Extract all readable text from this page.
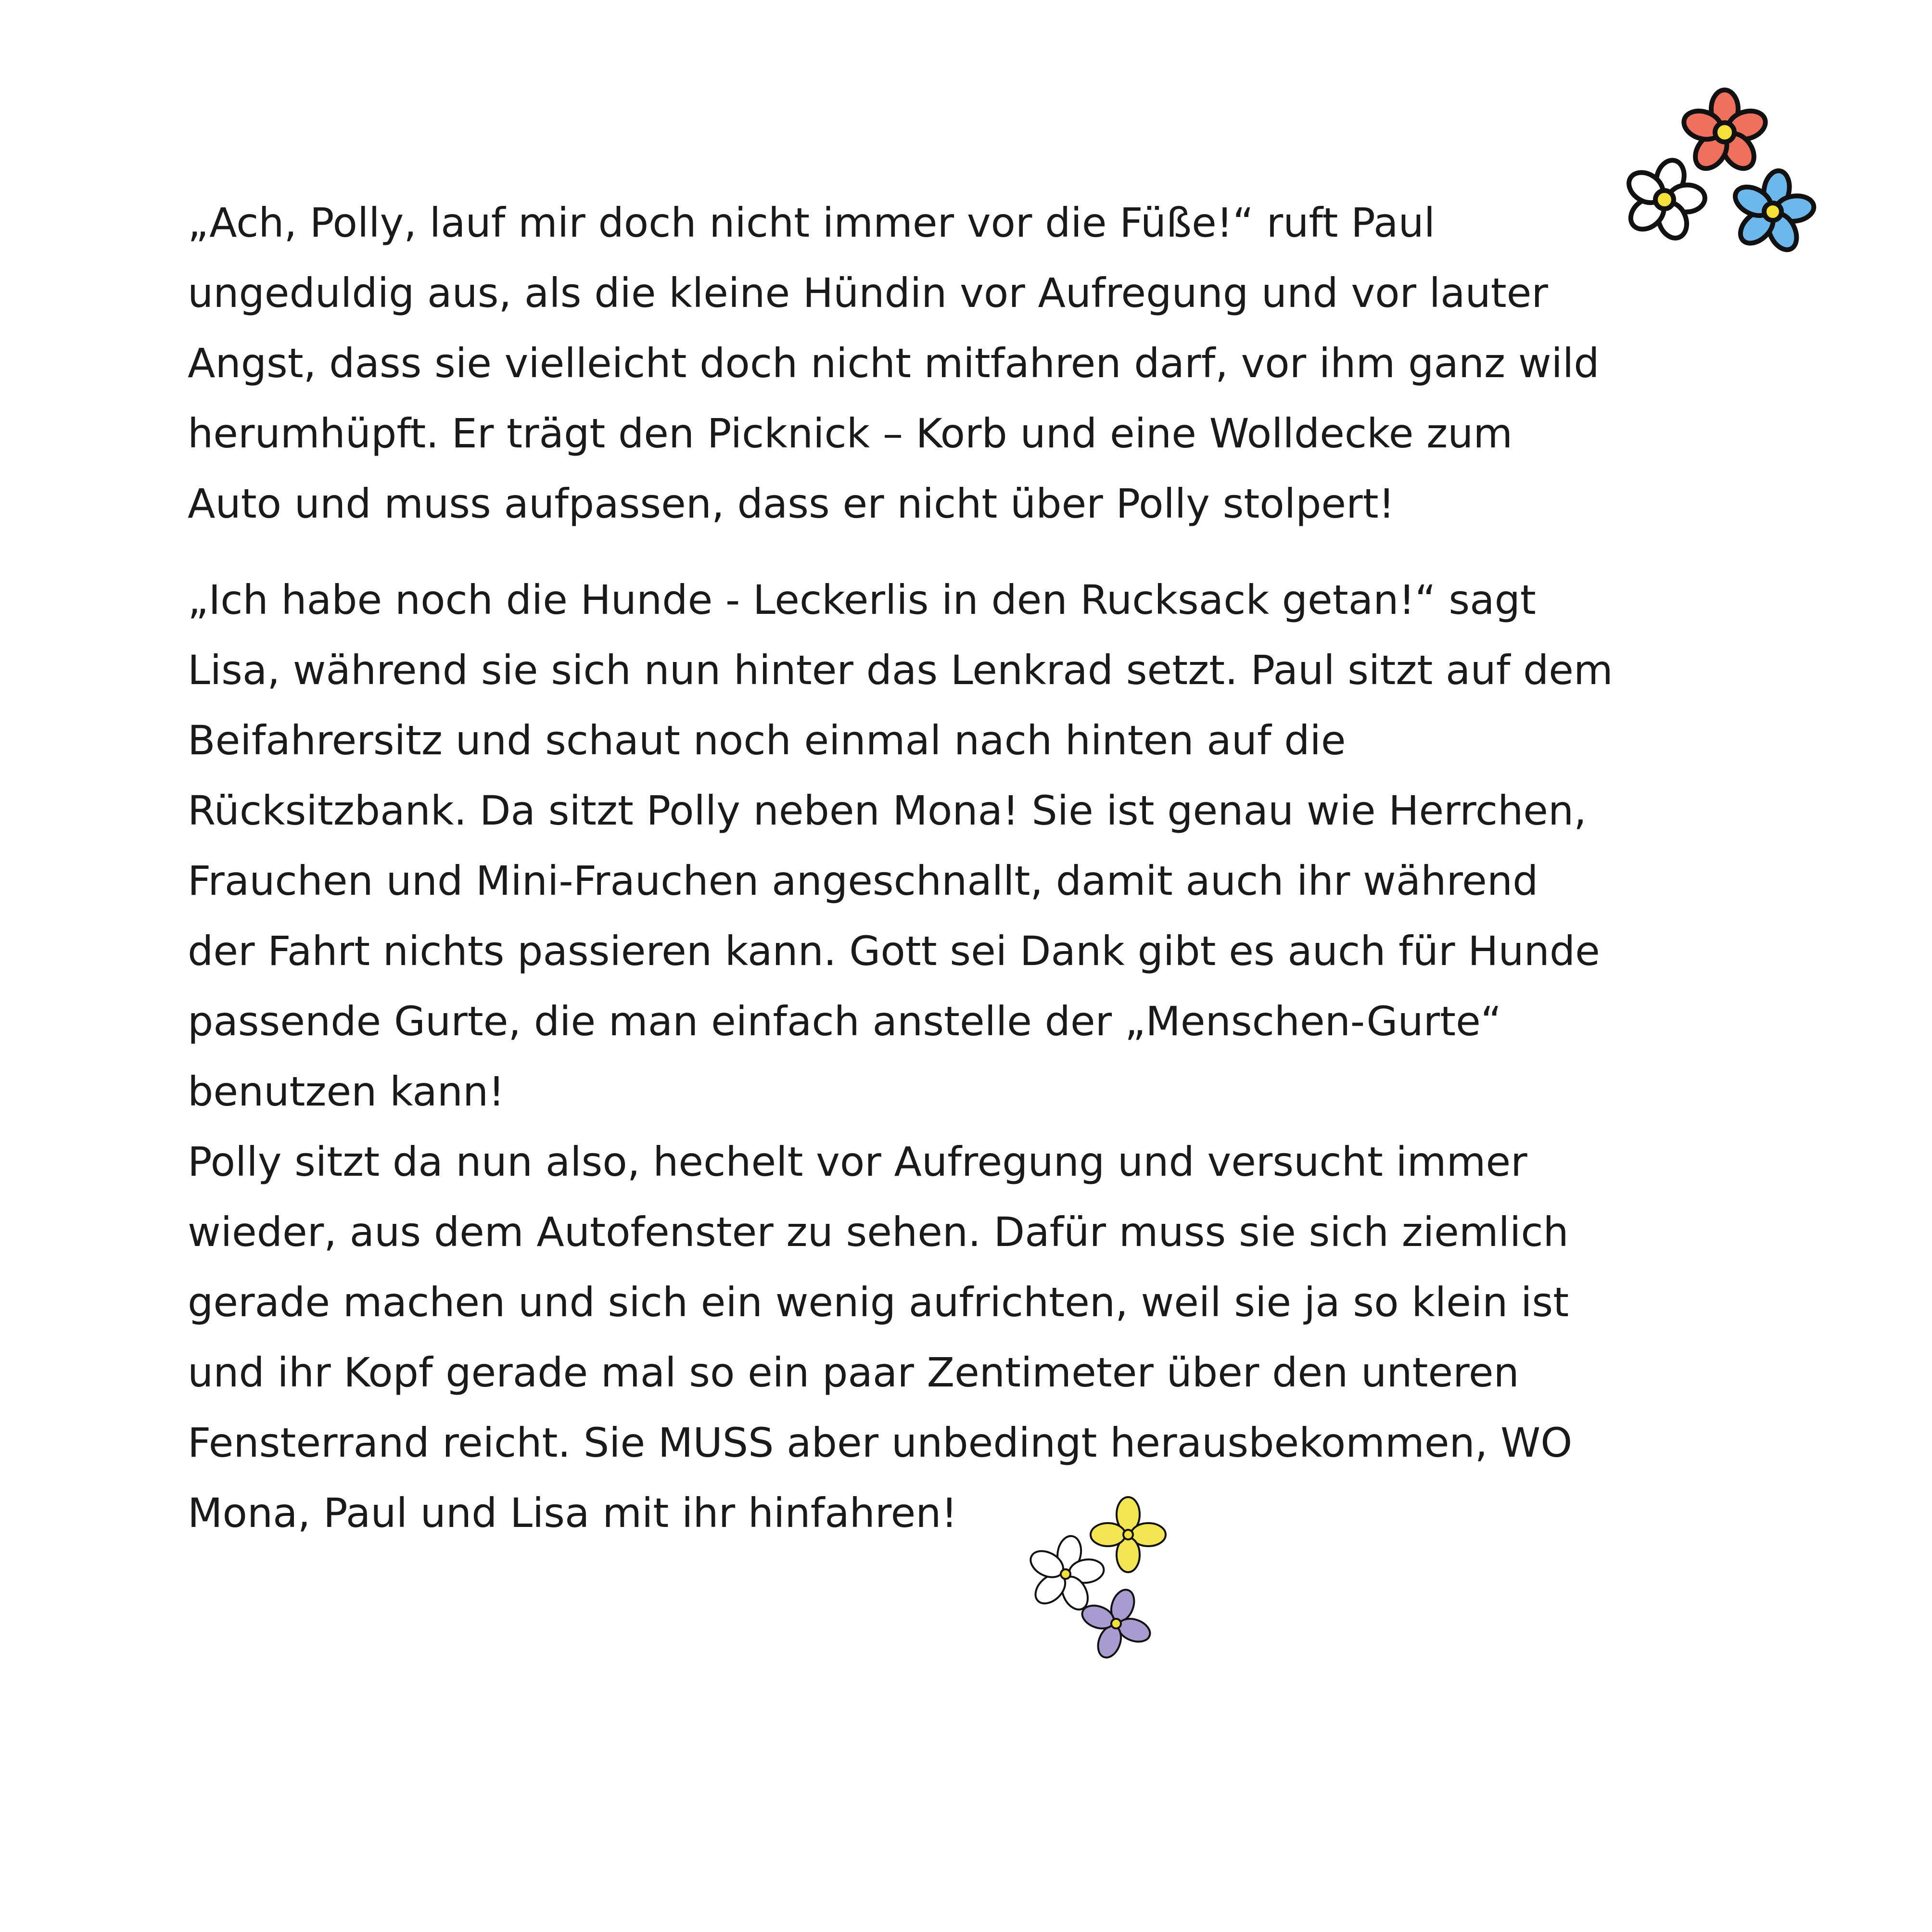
„Ach, Polly, lauf mir doch nicht immer vor die Füße!“ ruft Paul
ungeduldig aus, als die kleine Hündin vor Aufregung und vor lauter
Angst, dass sie vielleicht doch nicht mitfahren darf, vor ihm ganz wild
herumhüpft. Er trägt den Picknick – Korb und eine Wolldecke zum
Auto und muss aufpassen, dass er nicht über Polly stolpert!
„Ich habe noch die Hunde - Leckerlis in den Rucksack getan!“ sagt
Lisa, während sie sich nun hinter das Lenkrad setzt. Paul sitzt auf dem
Beifahrersitz und schaut noch einmal nach hinten auf die
Rücksitzbank. Da sitzt Polly neben Mona! Sie ist genau wie Herrchen,
Frauchen und Mini-Frauchen angeschnallt, damit auch ihr während
der Fahrt nichts passieren kann. Gott sei Dank gibt es auch für Hunde
passende Gurte, die man einfach anstelle der „Menschen-Gurte“
benutzen kann!
Polly sitzt da nun also, hechelt vor Aufregung und versucht immer
wieder, aus dem Autofenster zu sehen. Dafür muss sie sich ziemlich
gerade machen und sich ein wenig aufrichten, weil sie ja so klein ist
und ihr Kopf gerade mal so ein paar Zentimeter über den unteren
Fensterrand reicht. Sie MUSS aber unbedingt herausbekommen, WO
Mona, Paul und Lisa mit ihr hinfahren!
